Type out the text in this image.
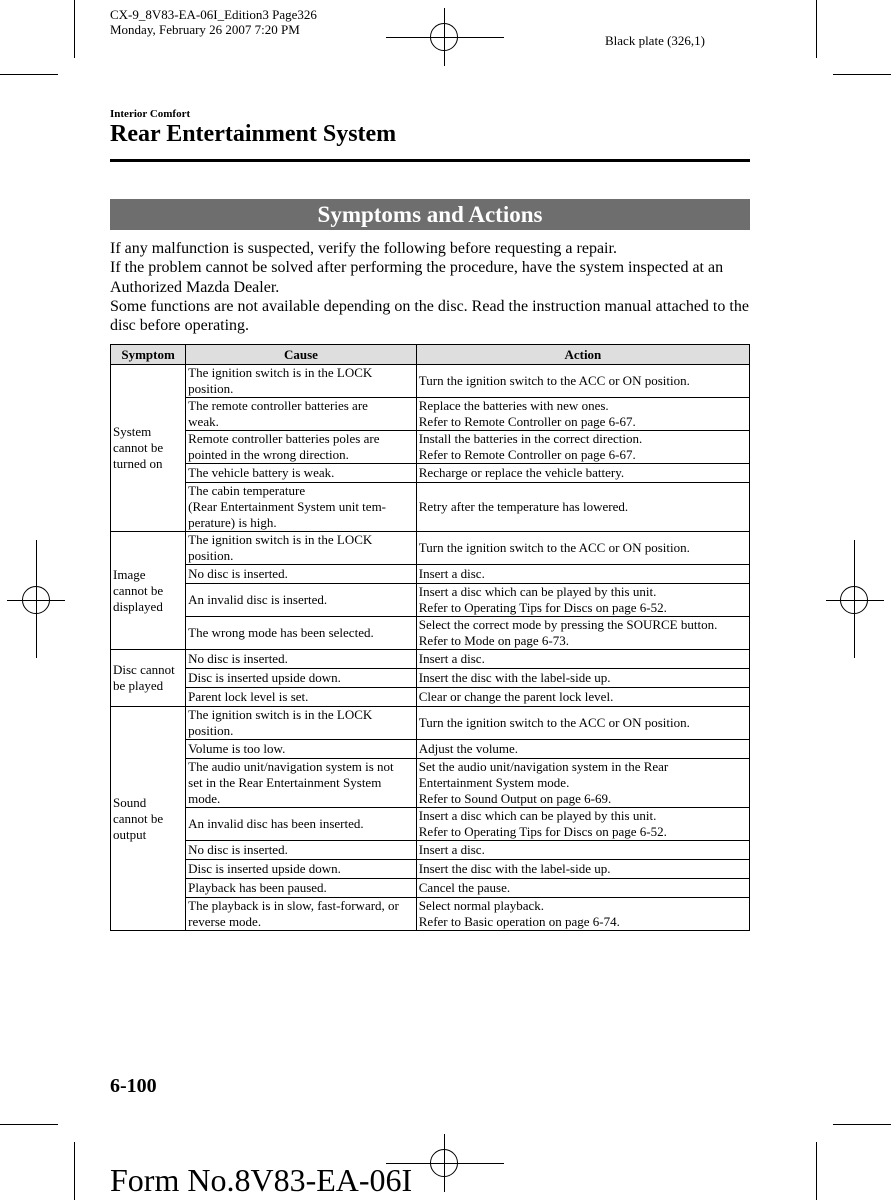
CX-9_8V83-EA-06I_Edition3 Page326
Monday, February 26 2007 7:20 PM
Black plate (326,1)
Interior Comfort
Rear Entertainment System
Symptoms and Actions

If any malfunction is suspected, verify the following before requesting a repair.

If the problem cannot be solved after performing the procedure, have the system inspected at an Authorized Mazda Dealer.

Some functions are not available depending on the disc. Read the instruction manual attached to the disc before operating.

Symptom	Cause	Action

System
cannot be
turned on	The ignition switch is in the LOCK
position.	Turn the ignition switch to the ACC or ON position.

	The remote controller batteries are
weak.	Replace the batteries with new ones.
Refer to Remote Controller on page 6-67.

	Remote controller batteries poles are
pointed in the wrong direction.	Install the batteries in the correct direction.
Refer to Remote Controller on page 6-67.

	The vehicle battery is weak.	Recharge or replace the vehicle battery.

	The cabin temperature
(Rear Entertainment System unit tem-
perature) is high.	Retry after the temperature has lowered.

Image
cannot be
displayed	The ignition switch is in the LOCK
position.	Turn the ignition switch to the ACC or ON position.

	No disc is inserted.	Insert a disc.

	An invalid disc is inserted.	Insert a disc which can be played by this unit.
Refer to Operating Tips for Discs on page 6-52.

	The wrong mode has been selected.	Select the correct mode by pressing the SOURCE button.
Refer to Mode on page 6-73.

Disc cannot
be played	No disc is inserted.	Insert a disc.

	Disc is inserted upside down.	Insert the disc with the label-side up.

	Parent lock level is set.	Clear or change the parent lock level.

Sound
cannot be
output	The ignition switch is in the LOCK
position.	Turn the ignition switch to the ACC or ON position.

	Volume is too low.	Adjust the volume.

	The audio unit/navigation system is not
set in the Rear Entertainment System
mode.	Set the audio unit/navigation system in the Rear
Entertainment System mode.
Refer to Sound Output on page 6-69.

	An invalid disc has been inserted.	Insert a disc which can be played by this unit.
Refer to Operating Tips for Discs on page 6-52.

	No disc is inserted.	Insert a disc.

	Disc is inserted upside down.	Insert the disc with the label-side up.

	Playback has been paused.	Cancel the pause.

	The playback is in slow, fast-forward, or
reverse mode.	Select normal playback.
Refer to Basic operation on page 6-74.
6-100
Form No.8V83-EA-06I
